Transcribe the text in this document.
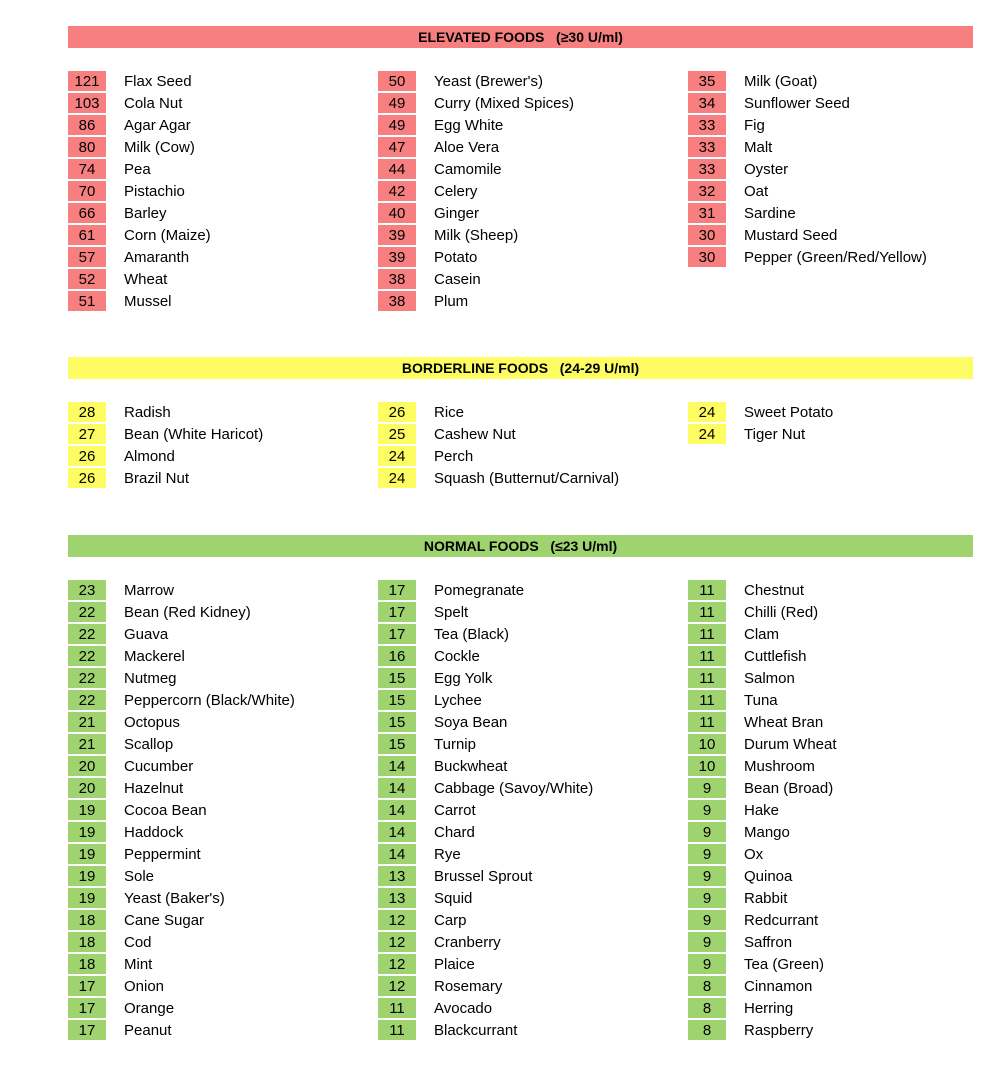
ELEVATED FOODS   (≥30 U/ml)
121	Flax Seed
103	Cola Nut
86	Agar Agar
80	Milk (Cow)
74	Pea
70	Pistachio
66	Barley
61	Corn (Maize)
57	Amaranth
52	Wheat
51	Mussel
50	Yeast (Brewer's)
49	Curry (Mixed Spices)
49	Egg White
47	Aloe Vera
44	Camomile
42	Celery
40	Ginger
39	Milk (Sheep)
39	Potato
38	Casein
38	Plum
35	Milk (Goat)
34	Sunflower Seed
33	Fig
33	Malt
33	Oyster
32	Oat
31	Sardine
30	Mustard Seed
30	Pepper (Green/Red/Yellow)
BORDERLINE FOODS   (24-29 U/ml)
28	Radish
27	Bean (White Haricot)
26	Almond
26	Brazil Nut
26	Rice
25	Cashew Nut
24	Perch
24	Squash (Butternut/Carnival)
24	Sweet Potato
24	Tiger Nut
NORMAL FOODS   (≤23 U/ml)
23	Marrow
22	Bean (Red Kidney)
22	Guava
22	Mackerel
22	Nutmeg
22	Peppercorn (Black/White)
21	Octopus
21	Scallop
20	Cucumber
20	Hazelnut
19	Cocoa Bean
19	Haddock
19	Peppermint
19	Sole
19	Yeast (Baker's)
18	Cane Sugar
18	Cod
18	Mint
17	Onion
17	Orange
17	Peanut
17	Pomegranate
17	Spelt
17	Tea (Black)
16	Cockle
15	Egg Yolk
15	Lychee
15	Soya Bean
15	Turnip
14	Buckwheat
14	Cabbage (Savoy/White)
14	Carrot
14	Chard
14	Rye
13	Brussel Sprout
13	Squid
12	Carp
12	Cranberry
12	Plaice
12	Rosemary
11	Avocado
11	Blackcurrant
11	Chestnut
11	Chilli (Red)
11	Clam
11	Cuttlefish
11	Salmon
11	Tuna
11	Wheat Bran
10	Durum Wheat
10	Mushroom
9	Bean (Broad)
9	Hake
9	Mango
9	Ox
9	Quinoa
9	Rabbit
9	Redcurrant
9	Saffron
9	Tea (Green)
8	Cinnamon
8	Herring
8	Raspberry
